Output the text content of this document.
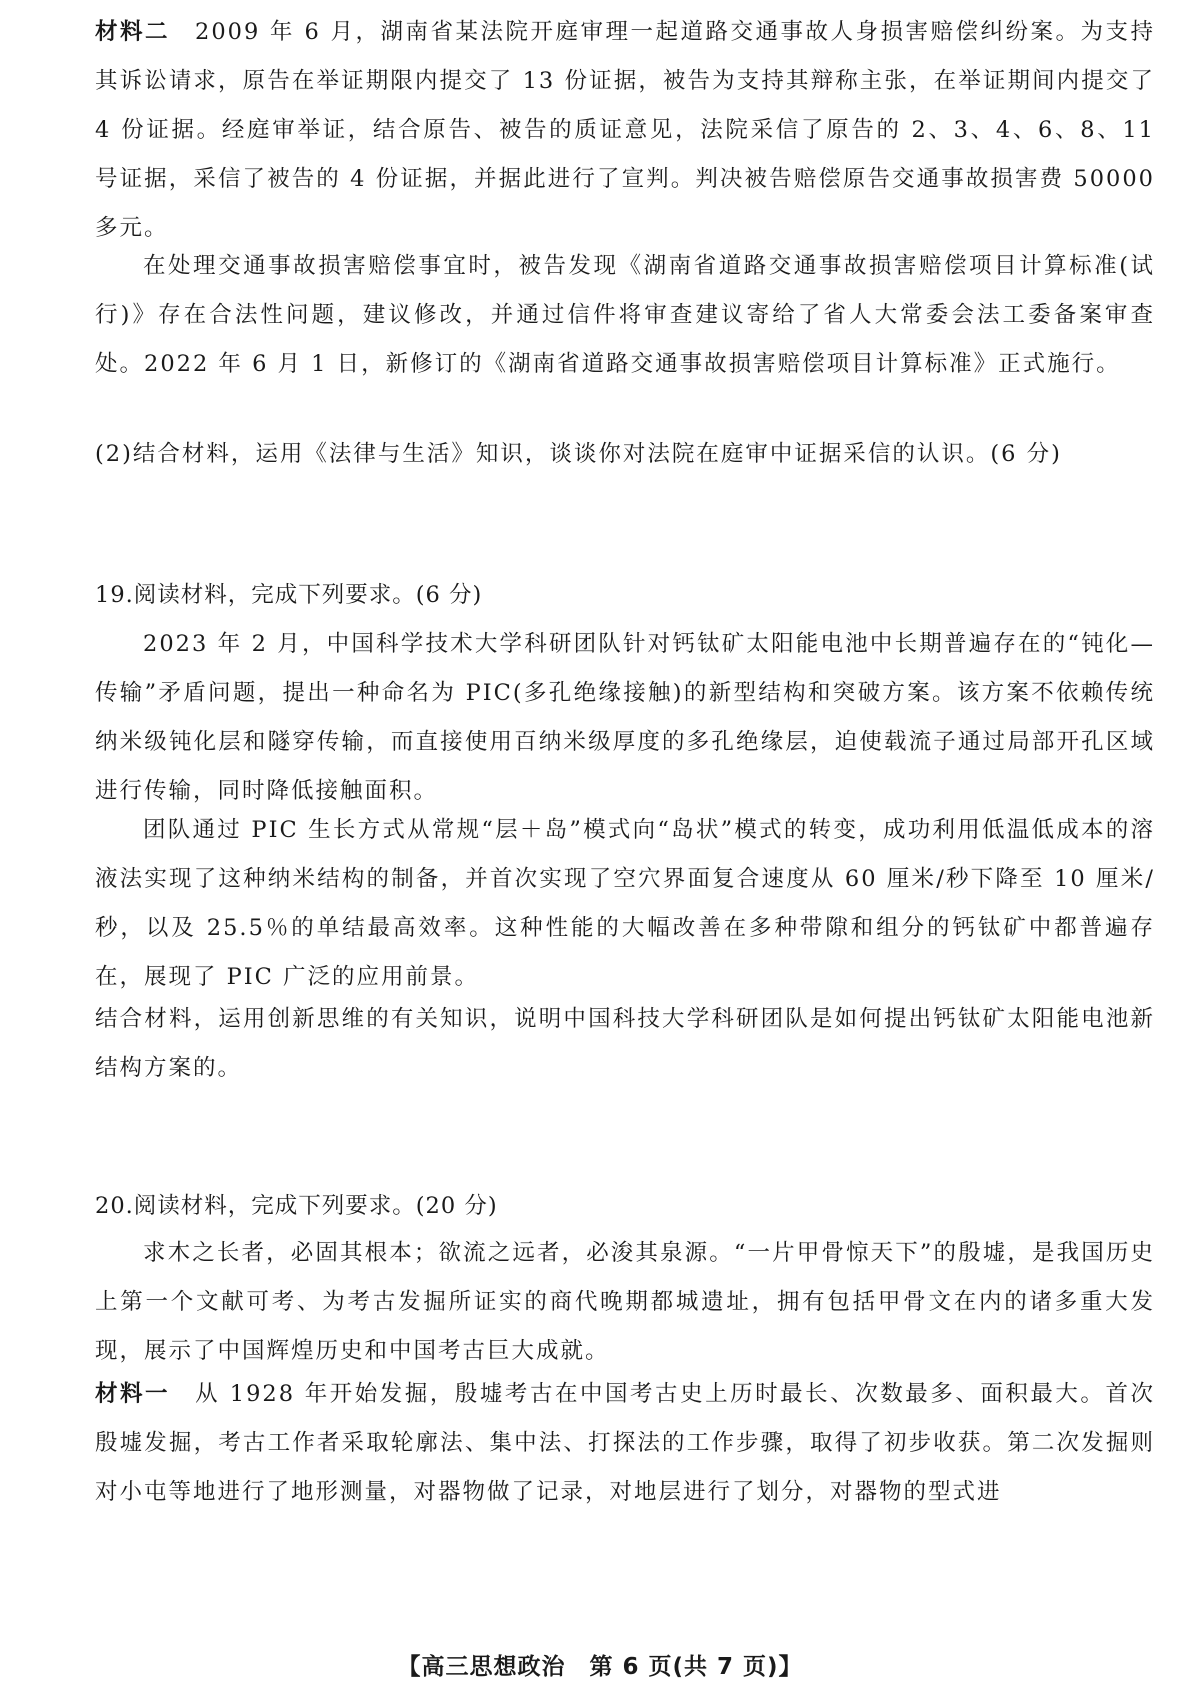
材料二　 2009 年 6 月，湖南省某法院开庭审理一起道路交通事故人身损害赔偿纠纷案。为支持其诉讼请求，原告在举证期限内提交了 13 份证据，被告为支持其辩称主张，在举证期间内提交了 4 份证据。经庭审举证，结合原告、被告的质证意见，法院采信了原告的 2、3、4、6、8、11 号证据，采信了被告的 4 份证据，并据此进行了宣判。判决被告赔偿原告交通事故损害费 50000 多元。

在处理交通事故损害赔偿事宜时，被告发现《湖南省道路交通事故损害赔偿项目计算标准(试行)》存在合法性问题，建议修改，并通过信件将审查建议寄给了省人大常委会法工委备案审查处。2022 年 6 月 1 日，新修订的《湖南省道路交通事故损害赔偿项目计算标准》正式施行。

(2)结合材料，运用《法律与生活》知识，谈谈你对法院在庭审中证据采信的认识。(6 分)

19.阅读材料，完成下列要求。(6 分)

2023 年 2 月，中国科学技术大学科研团队针对钙钛矿太阳能电池中长期普遍存在的“钝化—传输”矛盾问题，提出一种命名为 PIC(多孔绝缘接触)的新型结构和突破方案。该方案不依赖传统纳米级钝化层和隧穿传输，而直接使用百纳米级厚度的多孔绝缘层，迫使载流子通过局部开孔区域进行传输，同时降低接触面积。

团队通过 PIC 生长方式从常规“层＋岛”模式向“岛状”模式的转变，成功利用低温低成本的溶液法实现了这种纳米结构的制备，并首次实现了空穴界面复合速度从 60 厘米/秒下降至 10 厘米/秒，以及 25.5％的单结最高效率。这种性能的大幅改善在多种带隙和组分的钙钛矿中都普遍存在，展现了 PIC 广泛的应用前景。

结合材料，运用创新思维的有关知识，说明中国科技大学科研团队是如何提出钙钛矿太阳能电池新结构方案的。

20.阅读材料，完成下列要求。(20 分)

求木之长者，必固其根本；欲流之远者，必浚其泉源。“一片甲骨惊天下”的殷墟，是我国历史上第一个文献可考、为考古发掘所证实的商代晚期都城遗址，拥有包括甲骨文在内的诸多重大发现，展示了中国辉煌历史和中国考古巨大成就。

材料一　 从 1928 年开始发掘，殷墟考古在中国考古史上历时最长、次数最多、面积最大。首次殷墟发掘，考古工作者采取轮廓法、集中法、打探法的工作步骤，取得了初步收获。第二次发掘则对小屯等地进行了地形测量，对器物做了记录，对地层进行了划分，对器物的型式进

【高三思想政治　第 6 页(共 7 页)】
